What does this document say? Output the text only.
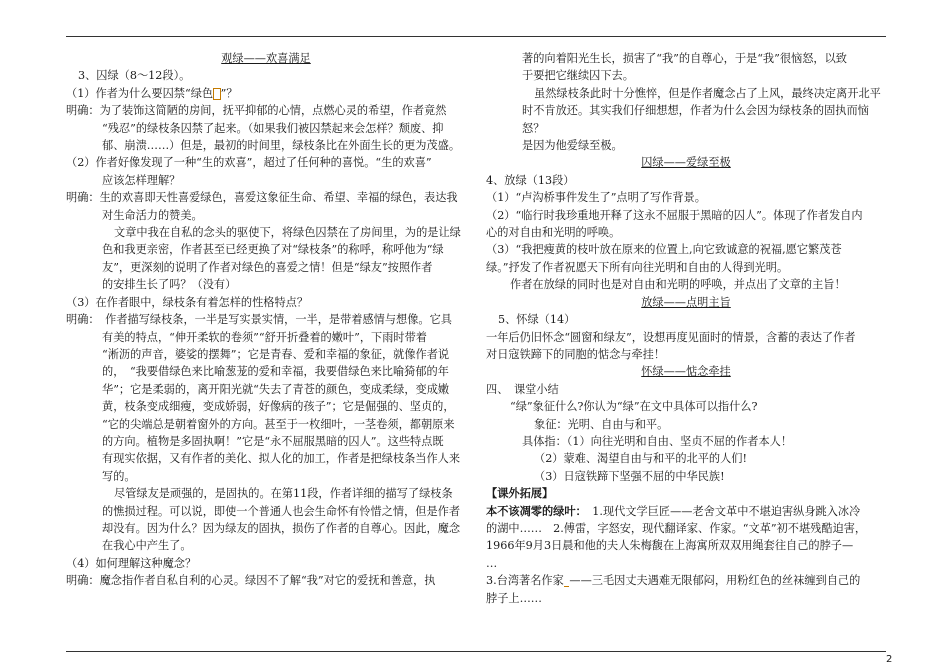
观绿——欢喜满足

3、囚绿（8～12段）。

（1）作者为什么要囚禁“绿色 ”？

明确：为了装饰这简陋的房间，抚平抑郁的心情，点燃心灵的希望，作者竟然

“残忍”的绿枝条囚禁了起来。（如果我们被囚禁起来会怎样？颓废、抑

郁、崩溃……）但是，最初的时间里，绿枝条比在外面生长的更为茂盛。

（2）作者好像发现了一种“生的欢喜”，超过了任何种的喜悦。“生的欢喜”

应该怎样理解？

明确：生的欢喜即天性喜爱绿色，喜爱这象征生命、希望、幸福的绿色，表达我

对生命活力的赞美。

文章中我在自私的念头的驱使下，将绿色囚禁在了房间里，为的是让绿

色和我更亲密，作者甚至已经更换了对“绿枝条”的称呼，称呼他为“绿

友”，更深刻的说明了作者对绿色的喜爱之情！但是“绿友”按照作者

的安排生长了吗？（没有）

（3）在作者眼中，绿枝条有着怎样的性格特点？

明确：　作者描写绿枝条，一半是写实景实情，一半，是带着感情与想像。它具

有美的特点，“伸开柔软的卷须”“舒开折叠着的嫩叶”，下雨时带着

“淅沥的声音，婆娑的摆舞”；它是青春、爱和幸福的象征，就像作者说

的，　“我要借绿色来比喻葱茏的爱和幸福，我要借绿色来比喻猗郁的年

华”；它是柔弱的，离开阳光就“失去了青苍的颜色，变成柔绿，变成嫩

黄，枝条变成细瘦，变成娇弱，好像病的孩子”；它是倔强的、坚贞的，

“它的尖端总是朝着窗外的方向。甚至于一枚细叶，一茎卷须，都朝原来

的方向。植物是多固执啊！”它是“永不屈服黑暗的囚人”。这些特点既

有现实依据，又有作者的美化、拟人化的加工，作者是把绿枝条当作人来

写的。

尽管绿友是顽强的，是固执的。在第11段，作者详细的描写了绿枝条

的憔损过程。可以说，即使一个普通人也会生命怀有怜惜之情，但是作者

却没有。因为什么？因为绿友的固执，损伤了作者的自尊心。因此，魔念

在我心中产生了。

（4）如何理解这种魔念？

明确：魔念指作者自私自利的心灵。绿因不了解“我”对它的爱抚和善意，执

著的向着阳光生长，损害了“我”的自尊心，于是“我”很恼怒，以致

于要把它继续囚下去。

虽然绿枝条此时十分憔悴，但是作者魔念占了上风，最终决定离开北平

时不肯放还。其实我们仔细想想，作者为什么会因为绿枝条的固执而恼怒？

是因为他爱绿至极。

囚绿——爱绿至极

4、放绿（13段）

（1）“卢沟桥事件发生了”点明了写作背景。

（2）“临行时我珍重地开释了这永不屈服于黑暗的囚人”。体现了作者发自内

心的对自由和光明的呼唤。

（3）“我把瘦黄的枝叶放在原来的位置上,向它致诚意的祝福,愿它繁茂苍

绿。”抒发了作者祝愿天下所有向往光明和自由的人得到光明。

作者在放绿的同时也是对自由和光明的呼唤，并点出了文章的主旨！

放绿——点明主旨

5、怀绿（14）

一年后仍旧怀念“圆窗和绿友”，设想再度见面时的情景，含蓄的表达了作者

对日寇铁蹄下的同胞的惦念与牵挂！

怀绿——惦念牵挂

四、　课堂小结

“绿”象征什么?你认为“绿”在文中具体可以指什么?

象征：光明、自由与和平。

具体指：（1）向往光明和自由、坚贞不屈的作者本人！

（2）蒙难、渴望自由与和平的北平的人们!

（3）日寇铁蹄下坚强不屈的中华民族!

【课外拓展】

本不该凋零的绿叶：　1.现代文学巨匠——老舍文革中不堪迫害纵身跳入冰冷

的湖中……　2.傅雷，字怒安，现代翻译家、作家。“文革”初不堪残酷迫害，

1966年9月3日晨和他的夫人朱梅馥在上海寓所双双用绳套往自己的脖子—

…

3.台湾著名作家 ——三毛因丈夫遇难无限郁闷，用粉红色的丝袜缠到自己的

脖子上……

2
